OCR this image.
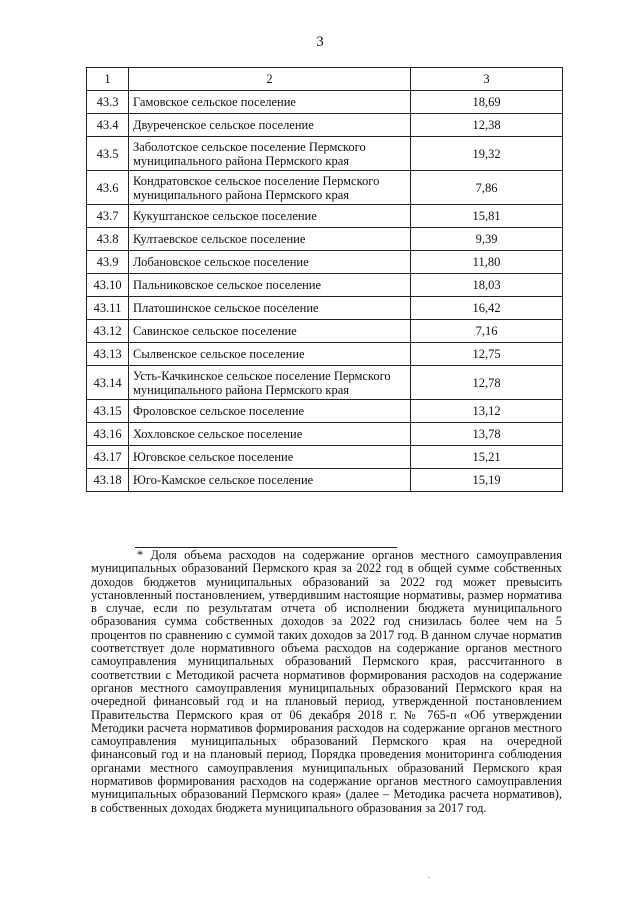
3
1	2	3
43.3	Гамовское сельское поселение	18,69
43.4	Двуреченское сельское поселение	12,38
43.5	Заболотское сельское поселение Пермского муниципального района Пермского края	19,32
43.6	Кондратовское сельское поселение Пермского муниципального района Пермского края	7,86
43.7	Кукуштанское сельское поселение	15,81
43.8	Култаевское сельское поселение	9,39
43.9	Лобановское сельское поселение	11,80
43.10	Пальниковское сельское поселение	18,03
43.11	Платошинское сельское поселение	16,42
43.12	Савинское сельское поселение	7,16
43.13	Сылвенское сельское поселение	12,75
43.14	Усть-Качкинское сельское поселение Пермского муниципального района Пермского края	12,78
43.15	Фроловское сельское поселение	13,12
43.16	Хохловское сельское поселение	13,78
43.17	Юговское сельское поселение	15,21
43.18	Юго-Камское сельское поселение	15,19
* Доля объема расходов на содержание органов местного самоуправления муниципальных образований Пермского края за 2022 год в общей сумме собственных доходов бюджетов муниципальных образований за 2022 год может превысить установленный постановлением, утвердившим настоящие нормативы, размер норматива в случае, если по результатам отчета об исполнении бюджета муниципального образования сумма собственных доходов за 2022 год снизилась более чем на 5 процентов по сравнению с суммой таких доходов за 2017 год. В данном случае норматив соответствует доле нормативного объема расходов на содержание органов местного самоуправления муниципальных образований Пермского края, рассчитанного в соответствии с Методикой расчета нормативов формирования расходов на содержание органов местного самоуправления муниципальных образований Пермского края на очередной финансовый год и на плановый период, утвержденной постановлением Правительства Пермского края от 06 декабря 2018 г. № 765-п «Об утверждении Методики расчета нормативов формирования расходов на содержание органов местного самоуправления муниципальных образований Пермского края на очередной финансовый год и на плановый период, Порядка проведения мониторинга соблюдения органами местного самоуправления муниципальных образований Пермского края нормативов формирования расходов на содержание органов местного самоуправления муниципальных образований Пермского края» (далее – Методика расчета нормативов), в собственных доходах бюджета муниципального образования за 2017 год.
.
